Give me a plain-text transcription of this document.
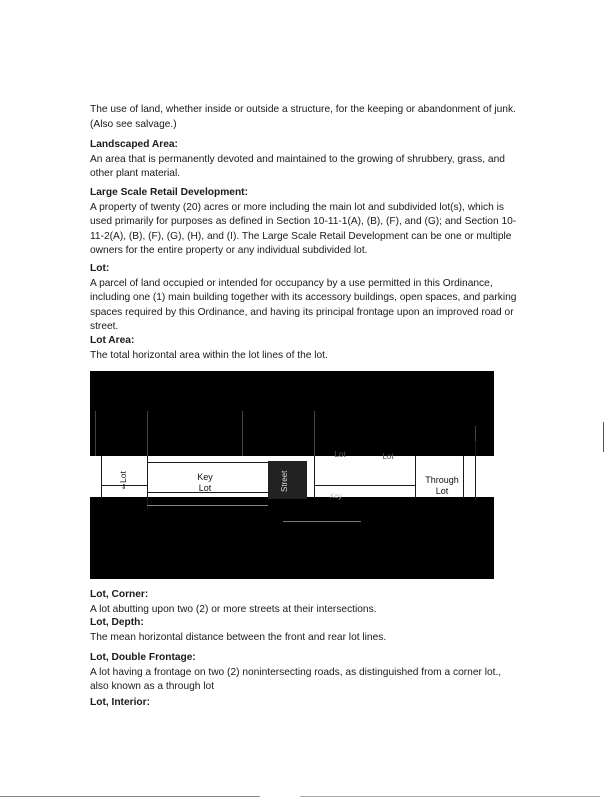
The use of land, whether inside or outside a structure, for the keeping or abandonment of junk. (Also see salvage.)

Landscaped Area:

An area that is permanently devoted and maintained to the growing of shrubbery, grass, and other plant material.

Large Scale Retail Development:

A property of twenty (20) acres or more including the main lot and subdivided lot(s), which is used primarily for purposes as defined in Section 10-11-1(A), (B), (F), and (G); and Section 10-11-2(A), (B), (F), (G), (H), and (I). The Large Scale Retail Development can be one or multiple owners for the entire property or any individual subdivided lot.

Lot:

A parcel of land occupied or intended for occupancy by a use permitted in this Ordinance, including one (1) main building together with its accessory buildings, open spaces, and parking spaces required by this Ordinance, and having its principal frontage upon an improved road or street.

Lot Area:

The total horizontal area within the lot lines of the lot.

Lot
⇕
Key
Lot	Street
Lot	Lot
Key
Through
Lot

Lot, Corner:

A lot abutting upon two (2) or more streets at their intersections.

Lot, Depth:

The mean horizontal distance between the front and rear lot lines.

Lot, Double Frontage:

A lot having a frontage on two (2) nonintersecting roads, as distinguished from a corner lot., also known as a through lot

Lot, Interior:
